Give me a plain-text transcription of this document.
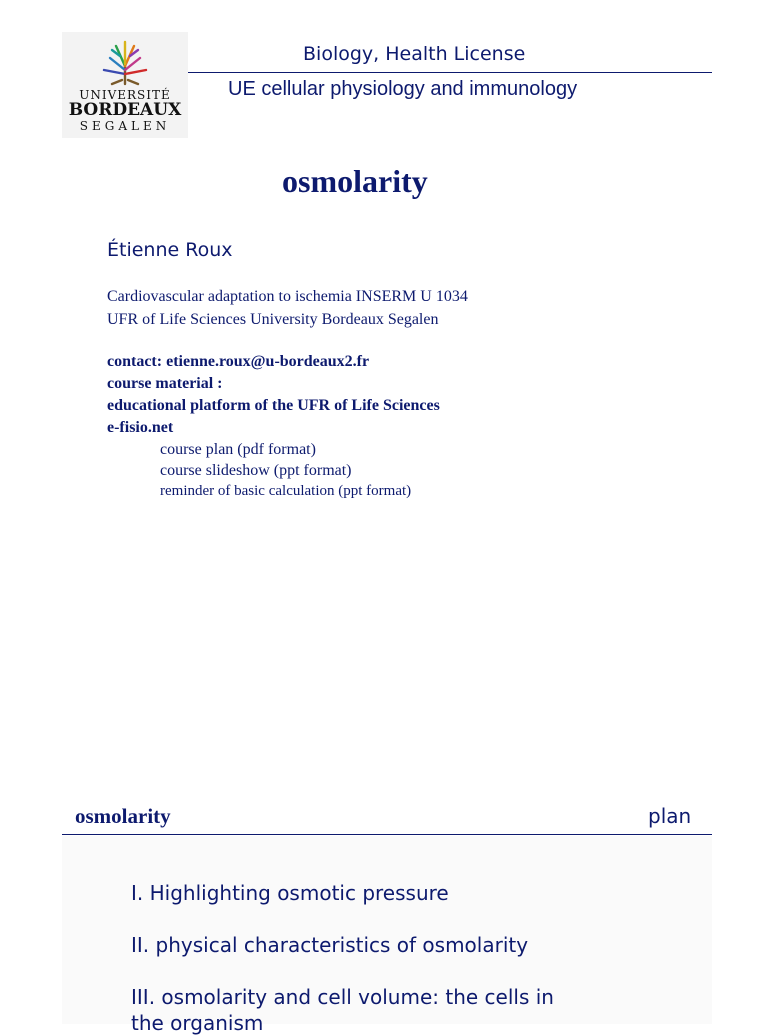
UNIVERSITÉ
BORDEAUX
SEGALEN
Biology, Health License
UE cellular physiology and immunology
osmolarity
Étienne Roux
Cardiovascular adaptation to ischemia INSERM U 1034
UFR of Life Sciences University Bordeaux Segalen
contact: etienne.roux@u-bordeaux2.fr
course material :
educational platform of the UFR of Life Sciences
e-fisio.net
course plan (pdf format)
course slideshow (ppt format)
reminder of basic calculation (ppt format)
osmolarity	plan
I. Highlighting osmotic pressure
II. physical characteristics of osmolarity
III. osmolarity and cell volume: the cells in the organism
